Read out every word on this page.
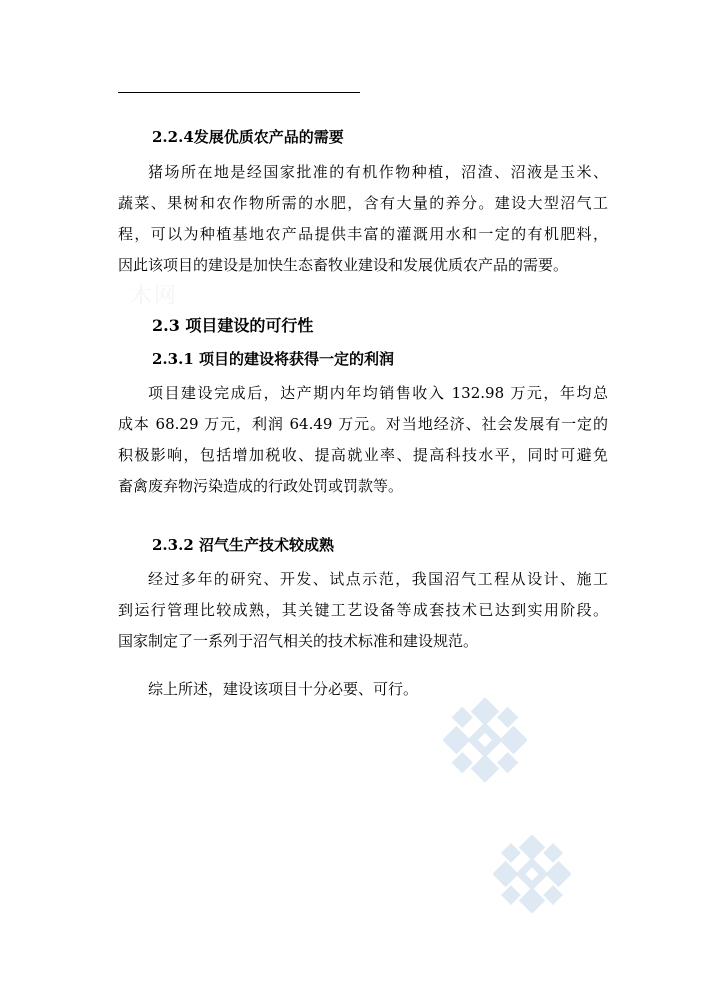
木网
2.2.4发展优质农产品的需要
猪场所在地是经国家批准的有机作物种植，沼渣、沼液是玉米、
蔬菜、果树和农作物所需的水肥，含有大量的养分。建设大型沼气工
程，可以为种植基地农产品提供丰富的灌溉用水和一定的有机肥料，
因此该项目的建设是加快生态畜牧业建设和发展优质农产品的需要。
2.3 项目建设的可行性
2.3.1 项目的建设将获得一定的利润
项目建设完成后，达产期内年均销售收入 132.98 万元，年均总
成本 68.29 万元，利润 64.49 万元。对当地经济、社会发展有一定的
积极影响，包括增加税收、提高就业率、提高科技水平，同时可避免
畜禽废弃物污染造成的行政处罚或罚款等。
2.3.2 沼气生产技术较成熟
经过多年的研究、开发、试点示范，我国沼气工程从设计、施工
到运行管理比较成熟，其关键工艺设备等成套技术已达到实用阶段。
国家制定了一系列于沼气相关的技术标准和建设规范。
综上所述，建设该项目十分必要、可行。
